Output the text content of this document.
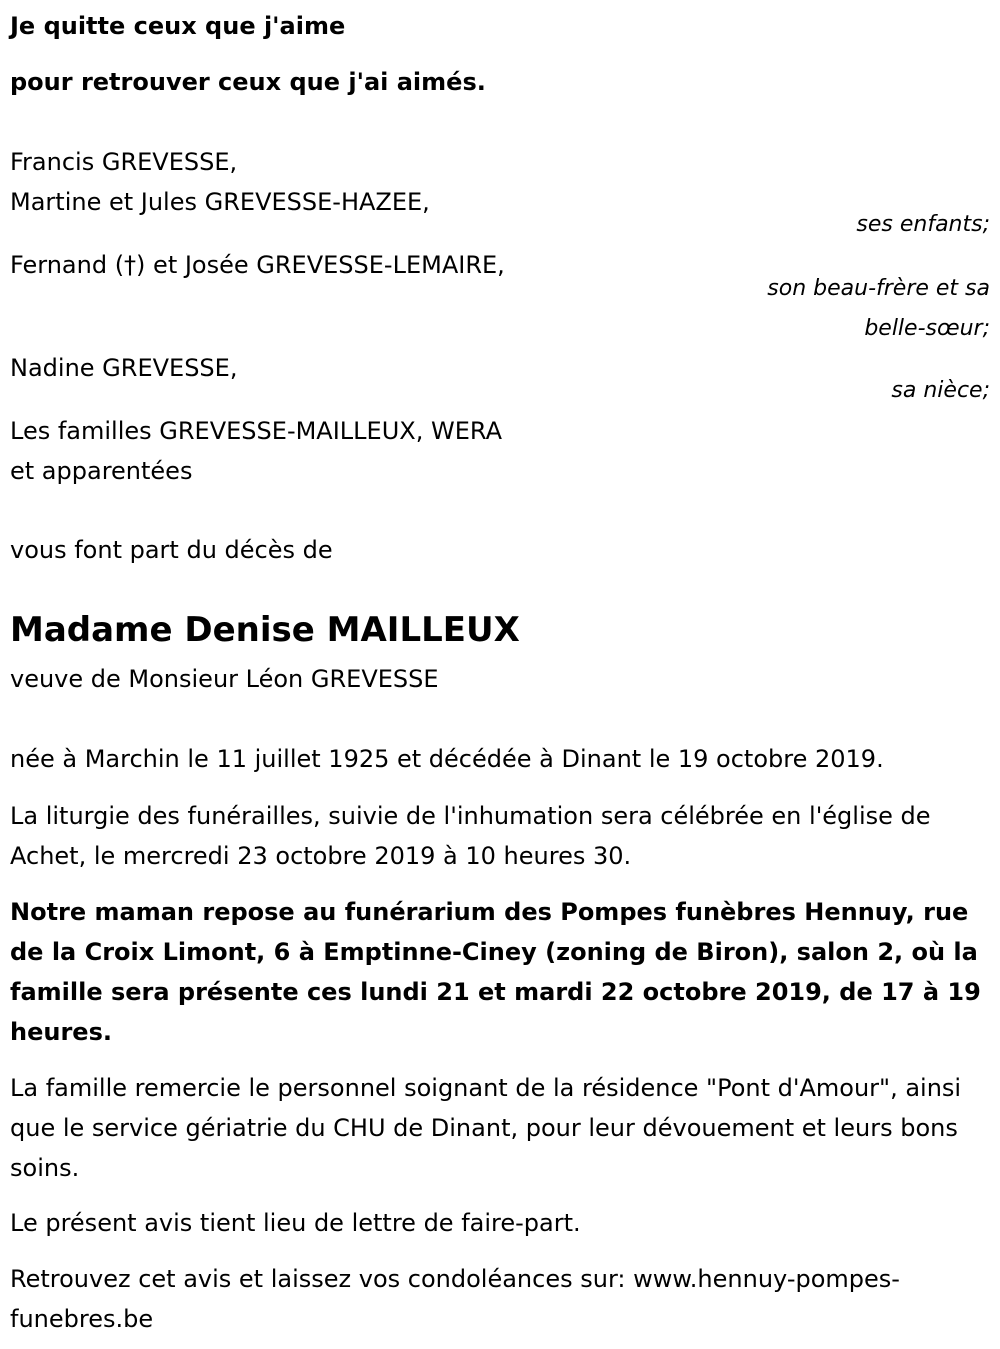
Je quitte ceux que j'aime
pour retrouver ceux que j'ai aimés.
Francis GREVESSE,
Martine et Jules GREVESSE-HAZEE,
ses enfants;
Fernand (†) et Josée GREVESSE-LEMAIRE,
son beau-frère et sa
belle-sœur;
Nadine GREVESSE,
sa nièce;
Les familles GREVESSE-MAILLEUX, WERA
et apparentées
vous font part du décès de
Madame Denise MAILLEUX
veuve de Monsieur Léon GREVESSE
née à Marchin le 11 juillet 1925 et décédée à Dinant le 19 octobre 2019.
La liturgie des funérailles, suivie de l'inhumation sera célébrée en l'église de Achet, le mercredi 23 octobre 2019 à 10 heures 30.
Notre maman repose au funérarium des Pompes funèbres Hennuy, rue de la Croix Limont, 6 à Emptinne-Ciney (zoning de Biron), salon 2, où la famille sera présente ces lundi 21 et mardi 22 octobre 2019, de 17 à 19 heures.
La famille remercie le personnel soignant de la résidence "Pont d'Amour", ainsi que le service gériatrie du CHU de Dinant, pour leur dévouement et leurs bons soins.
Le présent avis tient lieu de lettre de faire-part.
Retrouvez cet avis et laissez vos condoléances sur: www.hennuy-pompes-funebres.be
